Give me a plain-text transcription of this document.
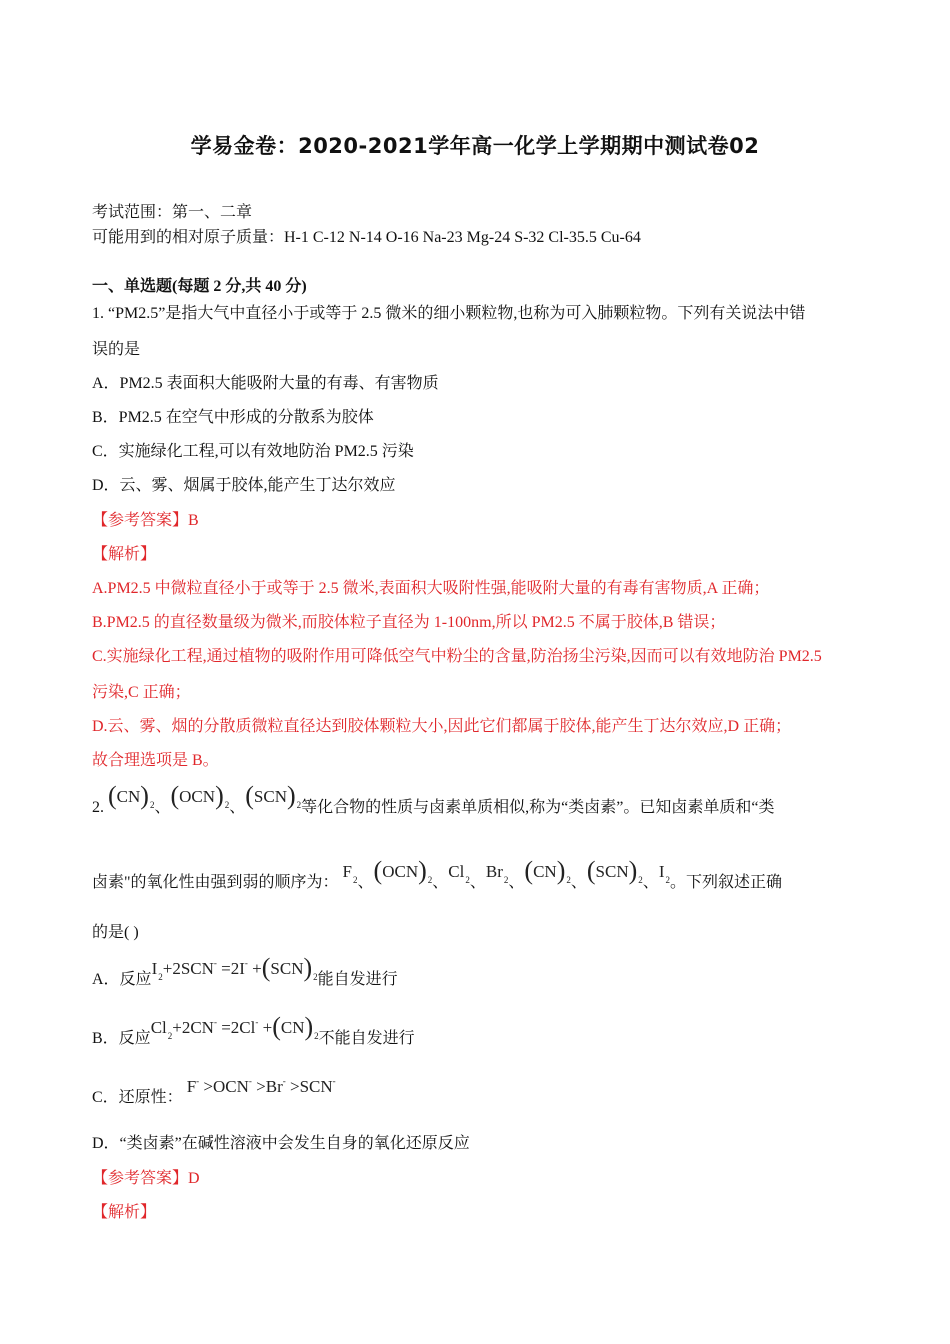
学易金卷：2020-2021学年高一化学上学期期中测试卷02
考试范围：第一、二章
可能用到的相对原子质量：H-1 C-12 N-14 O-16 Na-23 Mg-24 S-32 Cl-35.5 Cu-64
一、单选题(每题 2 分,共 40 分)
1. “PM2.5”是指大气中直径小于或等于 2.5 微米的细小颗粒物,也称为可入肺颗粒物。下列有关说法中错
误的是
A．PM2.5 表面积大能吸附大量的有毒、有害物质
B．PM2.5 在空气中形成的分散系为胶体
C．实施绿化工程,可以有效地防治 PM2.5 污染
D．云、雾、烟属于胶体,能产生丁达尔效应
【参考答案】B
【解析】
A.PM2.5 中微粒直径小于或等于 2.5 微米,表面积大吸附性强,能吸附大量的有毒有害物质,A 正确；
B.PM2.5 的直径数量级为微米,而胶体粒子直径为 1-100nm,所以 PM2.5 不属于胶体,B 错误；
C.实施绿化工程,通过植物的吸附作用可降低空气中粉尘的含量,防治扬尘污染,因而可以有效地防治 PM2.5
污染,C 正确；
D.云、雾、烟的分散质微粒直径达到胶体颗粒大小,因此它们都属于胶体,能产生丁达尔效应,D 正确；
故合理选项是 B。
2. $(CN)_2$、$(OCN)_2$、$(SCN)_2$等化合物的性质与卤素单质相似,称为“类卤素”。已知卤素单质和“类
卤素"的氧化性由强到弱的顺序为： $F_2$、$(OCN)_2$、$Cl_2$、$Br_2$、$(CN)_2$、$(SCN)_2$、$I_2$。下列叙述正确
的是( )
A．反应$I_2+2SCN^- =2I^- +(SCN)_2$能自发进行
B．反应$Cl_2+2CN^- =2Cl^- +(CN)_2$不能自发进行
C．还原性： F- >OCN- >Br- >SCN-
D．“类卤素”在碱性溶液中会发生自身的氧化还原反应
【参考答案】D
【解析】
